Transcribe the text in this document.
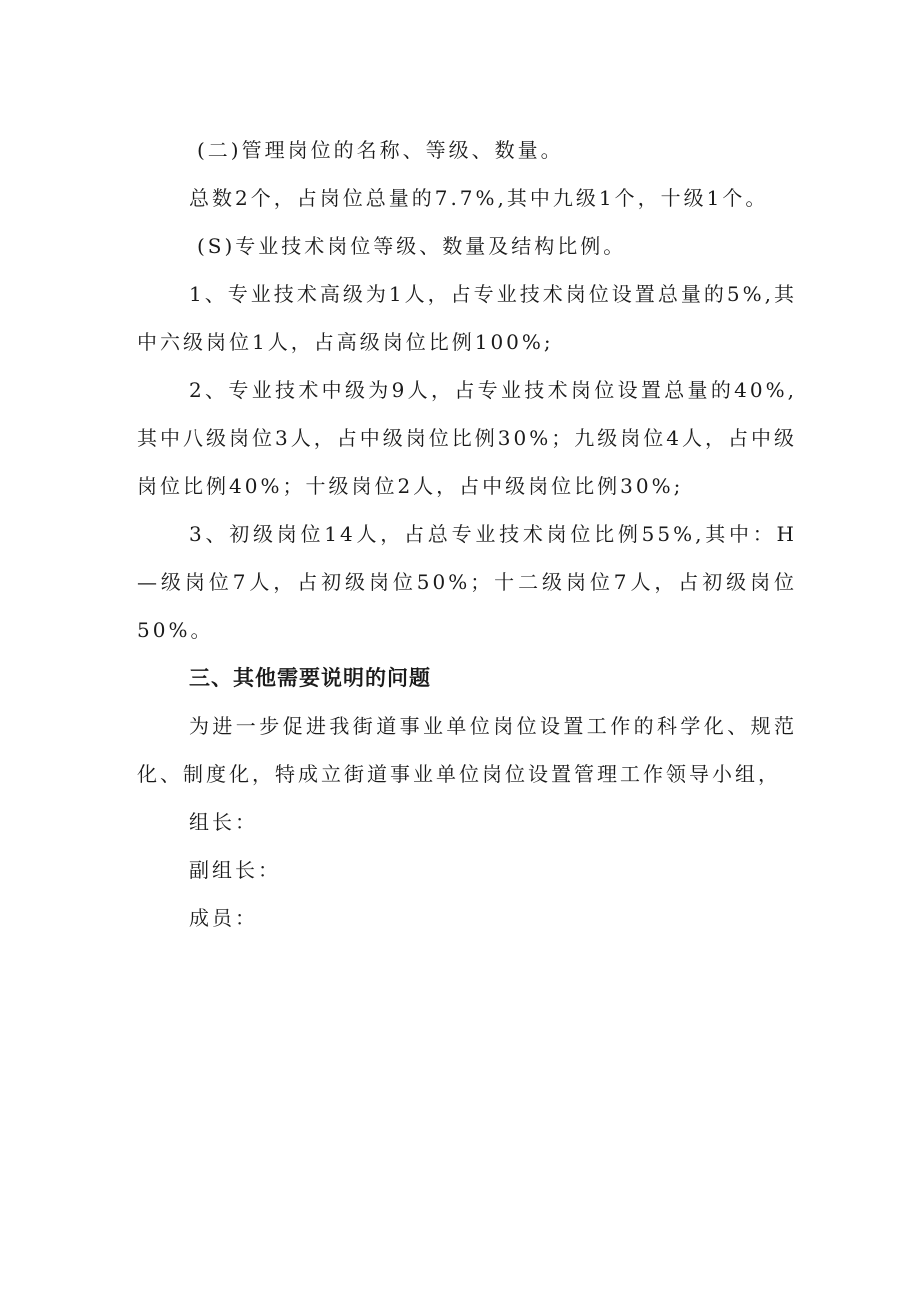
(二)管理岗位的名称、等级、数量。

总数2个，占岗位总量的7.7%,其中九级1个，十级1个。

(S)专业技术岗位等级、数量及结构比例。

1、专业技术高级为1人，占专业技术岗位设置总量的5%,其中六级岗位1人，占高级岗位比例100%;

2、专业技术中级为9人，占专业技术岗位设置总量的40%,其中八级岗位3人，占中级岗位比例30%；九级岗位4人，占中级岗位比例40%；十级岗位2人，占中级岗位比例30%;

3、初级岗位14人，占总专业技术岗位比例55%,其中：H—级岗位7人，占初级岗位50%；十二级岗位7人，占初级岗位50%。

三、其他需要说明的问题

为进一步促进我街道事业单位岗位设置工作的科学化、规范化、制度化，特成立街道事业单位岗位设置管理工作领导小组，

组长：

副组长：

成员：
